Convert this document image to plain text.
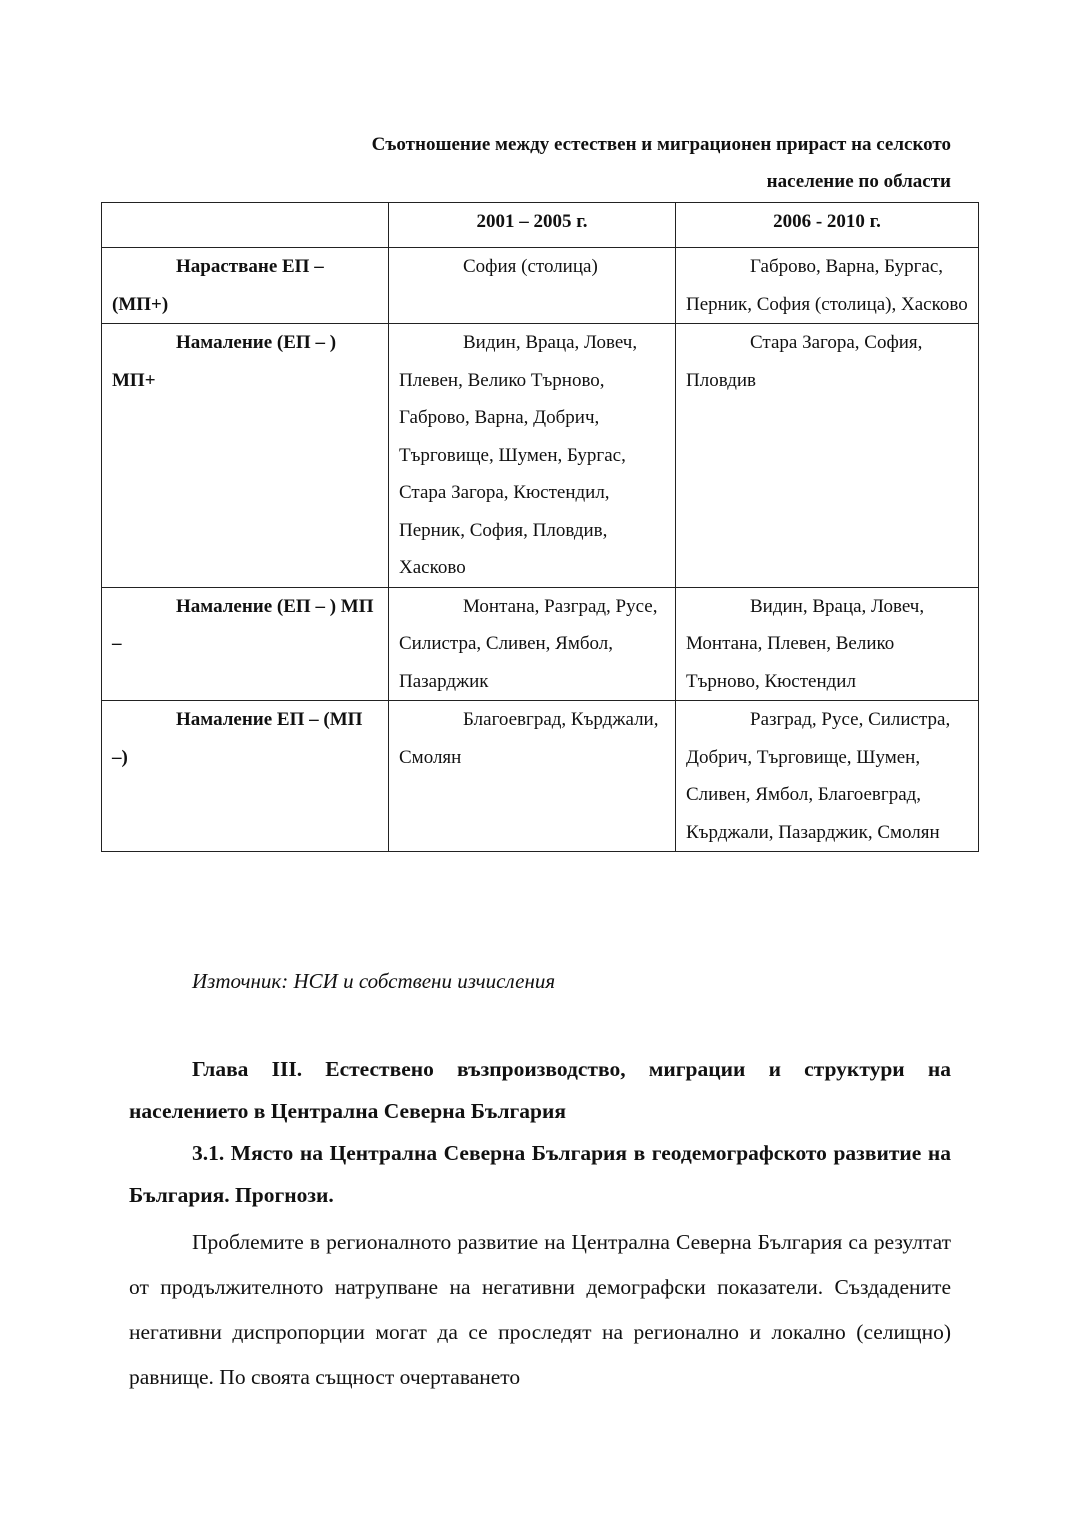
Съотношение между естествен и миграционен прираст на селското
население по области
	2001 – 2005 г.	2006 - 2010 г.
Нарастване ЕП – (МП+)	София (столица)	Габрово, Варна, Бургас, Перник, София (столица), Хасково
Намаление (ЕП – ) МП+	Видин, Враца, Ловеч, Плевен, Велико Търново, Габрово, Варна, Добрич, Търговище, Шумен, Бургас, Стара Загора, Кюстендил, Перник, София, Пловдив, Хасково	Стара Загора, София, Пловдив
Намаление (ЕП – ) МП –	Монтана, Разград, Русе, Силистра, Сливен, Ямбол, Пазарджик	Видин, Враца, Ловеч, Монтана, Плевен, Велико Търново, Кюстендил
Намаление ЕП – (МП –)	Благоевград, Кърджали, Смолян	Разград, Русе, Силистра, Добрич, Търговище, Шумен, Сливен, Ямбол, Благоевград, Кърджали, Пазарджик, Смолян
Източник: НСИ и собствени изчисления

Глава III. Естествено възпроизводство, миграции и структури на населението в Централна Северна България

3.1. Място на Централна Северна България в геодемографското развитие на България. Прогнози.

Проблемите в регионалното развитие на Централна Северна България са резултат от продължителното натрупване на негативни демографски показатели. Създадените негативни диспропорции могат да се проследят на регионално и локално (селищно) равнище. По своята същност очертаването
